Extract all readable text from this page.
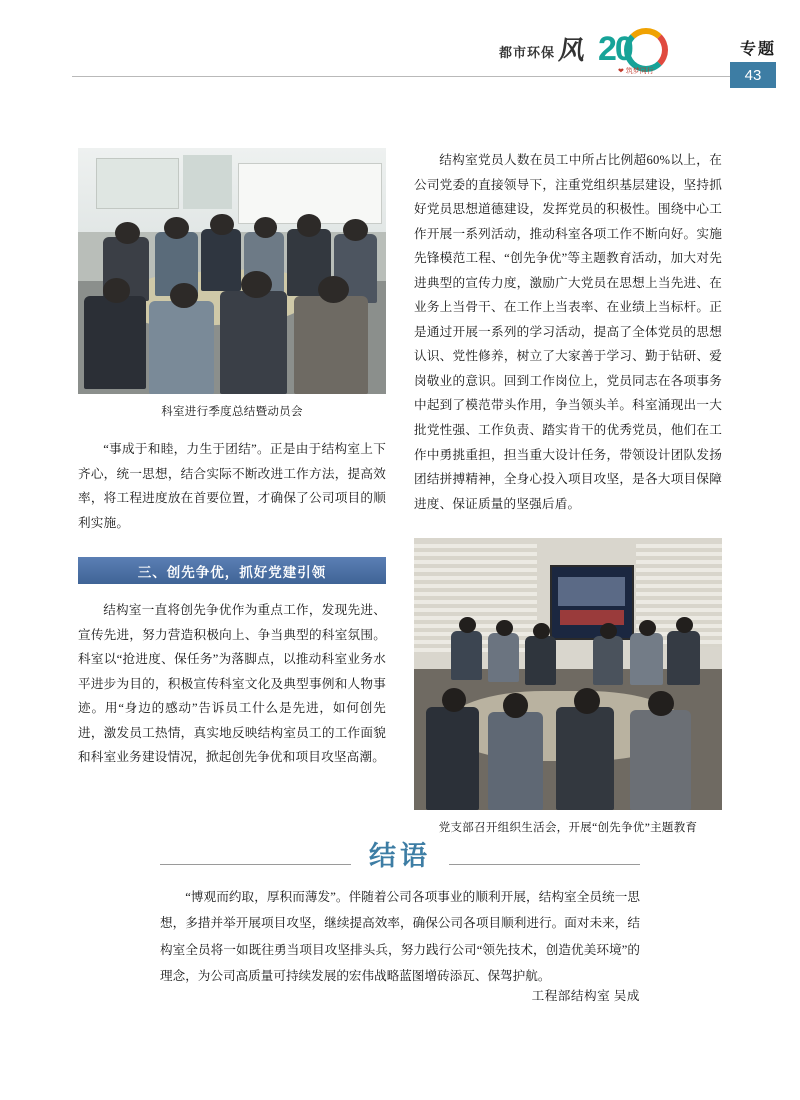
都市环保 风 20
❤ 筑梦同行
专题
43
科室进行季度总结暨动员会

“事成于和睦，力生于团结”。正是由于结构室上下齐心，统一思想，结合实际不断改进工作方法，提高效率，将工程进度放在首要位置，才确保了公司项目的顺利实施。

三、创先争优，抓好党建引领

结构室一直将创先争优作为重点工作，发现先进、宣传先进，努力营造积极向上、争当典型的科室氛围。科室以“抢进度、保任务”为落脚点，以推动科室业务水平进步为目的，积极宣传科室文化及典型事例和人物事迹。用“身边的感动”告诉员工什么是先进，如何创先进，激发员工热情，真实地反映结构室员工的工作面貌和科室业务建设情况，掀起创先争优和项目攻坚高潮。

结构室党员人数在员工中所占比例超60%以上，在公司党委的直接领导下，注重党组织基层建设，坚持抓好党员思想道德建设，发挥党员的积极性。围绕中心工作开展一系列活动，推动科室各项工作不断向好。实施先锋模范工程、“创先争优”等主题教育活动，加大对先进典型的宣传力度，激励广大党员在思想上当先进、在业务上当骨干、在工作上当表率、在业绩上当标杆。正是通过开展一系列的学习活动，提高了全体党员的思想认识、党性修养，树立了大家善于学习、勤于钻研、爱岗敬业的意识。回到工作岗位上，党员同志在各项事务中起到了模范带头作用，争当领头羊。科室涌现出一大批党性强、工作负责、踏实肯干的优秀党员，他们在工作中勇挑重担，担当重大设计任务，带领设计团队发扬团结拼搏精神，全身心投入项目攻坚，是各大项目保障进度、保证质量的坚强后盾。

党支部召开组织生活会，开展“创先争优”主题教育
结语

“博观而约取，厚积而薄发”。伴随着公司各项事业的顺利开展，结构室全员统一思想，多措并举开展项目攻坚，继续提高效率，确保公司各项目顺利进行。面对未来，结构室全员将一如既往勇当项目攻坚排头兵，努力践行公司“领先技术，创造优美环境”的理念，为公司高质量可持续发展的宏伟战略蓝图增砖添瓦、保驾护航。

工程部结构室 吴成
